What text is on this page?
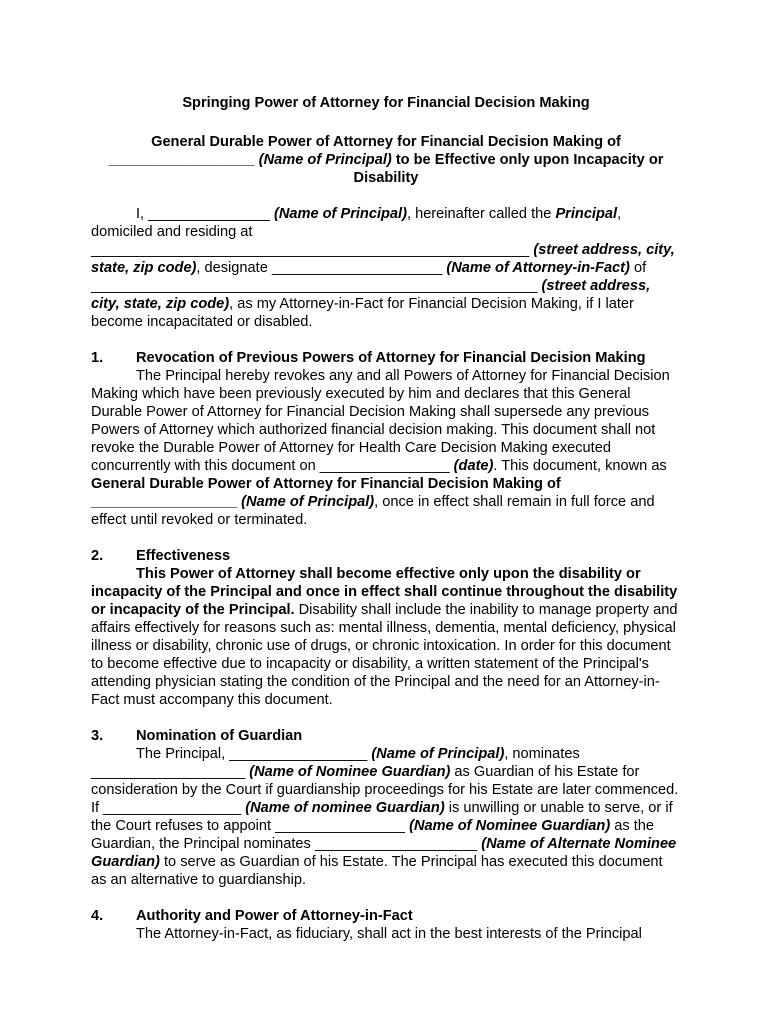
Springing Power of Attorney for Financial Decision Making

General Durable Power of Attorney for Financial Decision Making of
__________________ (Name of Principal) to be Effective only upon Incapacity or Disability

I, _______________ (Name of Principal), hereinafter called the Principal, domiciled and residing at ______________________________________________________ (street address, city, state, zip code), designate _____________________ (Name of Attorney-in-Fact) of _______________________________________________________ (street address, city, state, zip code), as my Attorney-in-Fact for Financial Decision Making, if I later become incapacitated or disabled.

1.	Revocation of Previous Powers of Attorney for Financial Decision Making

The Principal hereby revokes any and all Powers of Attorney for Financial Decision Making which have been previously executed by him and declares that this General Durable Power of Attorney for Financial Decision Making shall supersede any previous Powers of Attorney which authorized financial decision making. This document shall not revoke the Durable Power of Attorney for Health Care Decision Making executed concurrently with this document on ________________ (date). This document, known as General Durable Power of Attorney for Financial Decision Making of __________________ (Name of Principal), once in effect shall remain in full force and effect until revoked or terminated.

2.	Effectiveness

This Power of Attorney shall become effective only upon the disability or incapacity of the Principal and once in effect shall continue throughout the disability or incapacity of the Principal. Disability shall include the inability to manage property and affairs effectively for reasons such as: mental illness, dementia, mental deficiency, physical illness or disability, chronic use of drugs, or chronic intoxication. In order for this document to become effective due to incapacity or disability, a written statement of the Principal's attending physician stating the condition of the Principal and the need for an Attorney-in-Fact must accompany this document.

3.	Nomination of Guardian

The Principal, _________________ (Name of Principal), nominates ___________________ (Name of Nominee Guardian) as Guardian of his Estate for consideration by the Court if guardianship proceedings for his Estate are later commenced. If _________________ (Name of nominee Guardian) is unwilling or unable to serve, or if the Court refuses to appoint ________________ (Name of Nominee Guardian) as the Guardian, the Principal nominates ____________________ (Name of Alternate Nominee Guardian) to serve as Guardian of his Estate. The Principal has executed this document as an alternative to guardianship.

4.	Authority and Power of Attorney-in-Fact

The Attorney-in-Fact, as fiduciary, shall act in the best interests of the Principal
